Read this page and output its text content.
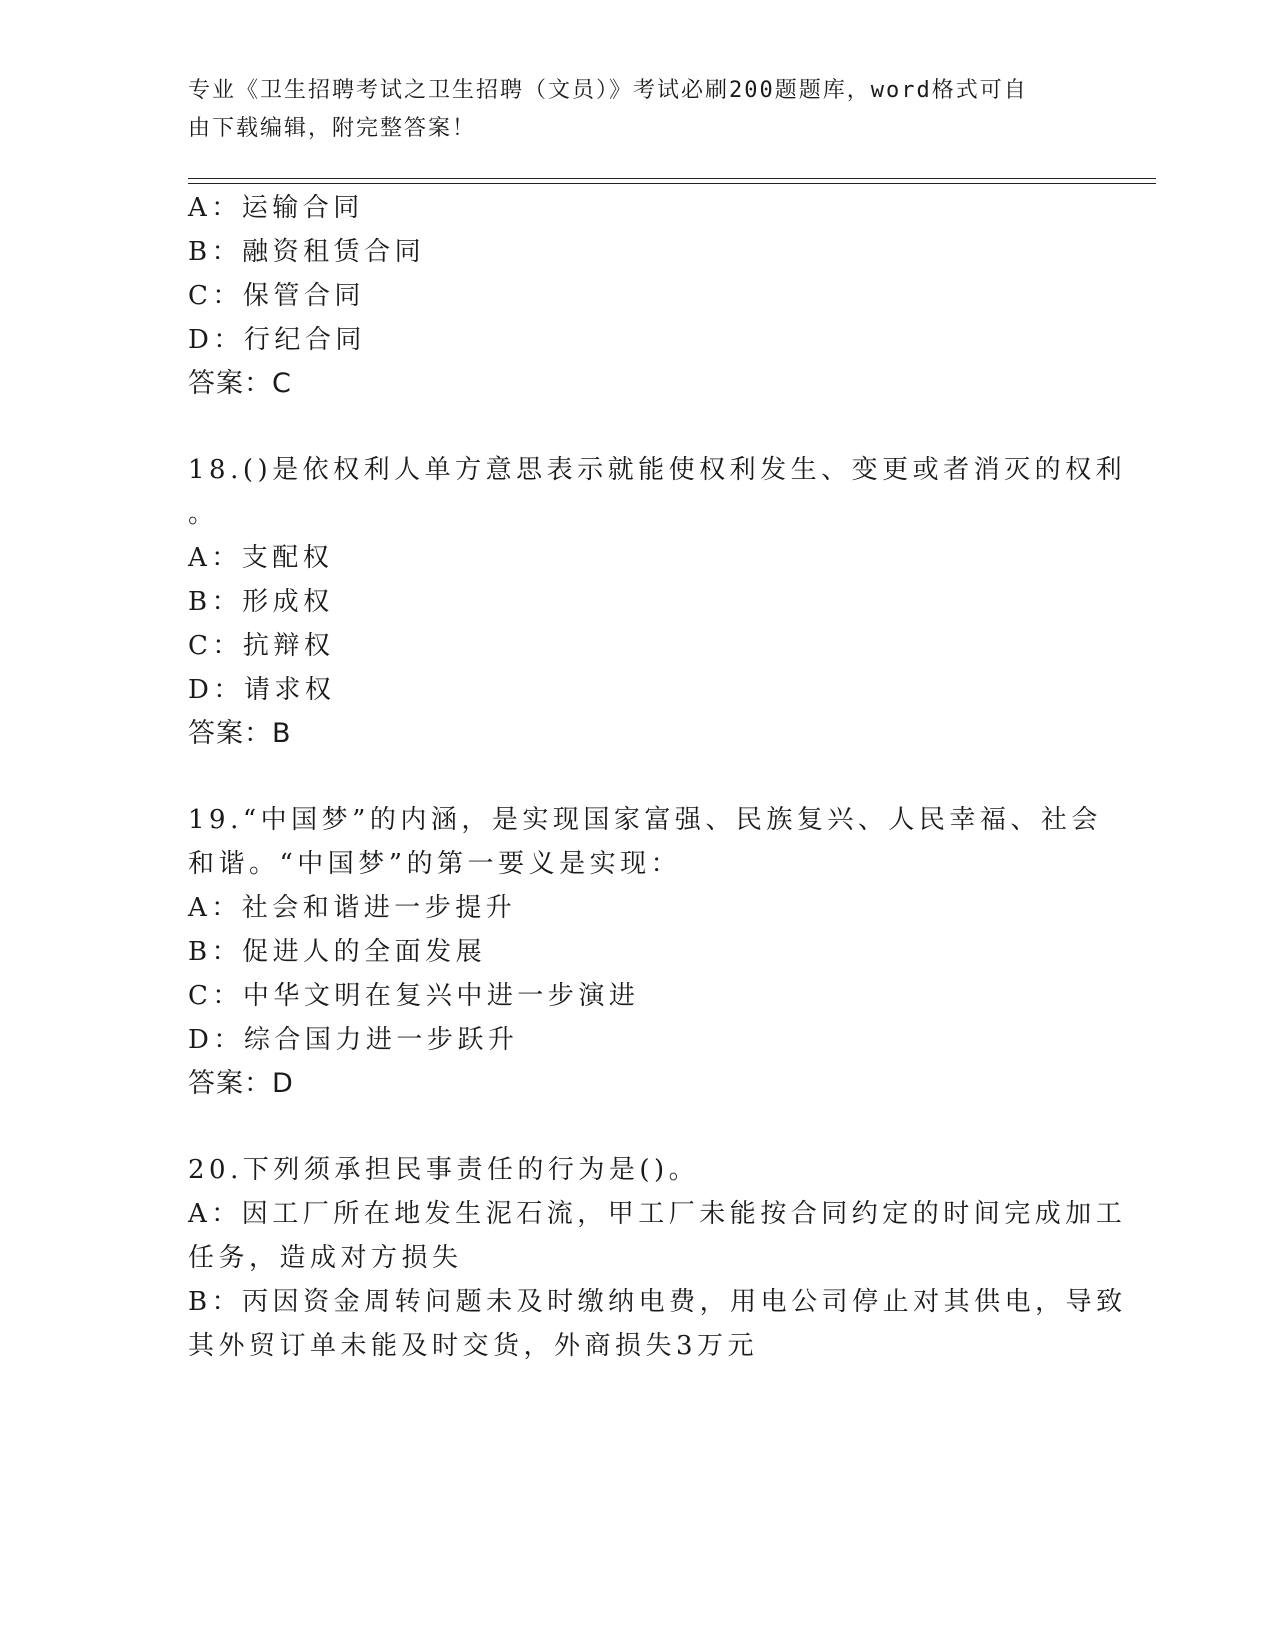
专业《卫生招聘考试之卫生招聘（文员）》考试必刷200题题库，word格式可自
由下载编辑，附完整答案！
A：运输合同
B：融资租赁合同
C：保管合同
D：行纪合同
答案：C
18.()是依权利人单方意思表示就能使权利发生、变更或者消灭的权利
。
A：支配权
B：形成权
C：抗辩权
D：请求权
答案：B
19.“中国梦”的内涵，是实现国家富强、民族复兴、人民幸福、社会
和谐。“中国梦”的第一要义是实现：
A：社会和谐进一步提升
B：促进人的全面发展
C：中华文明在复兴中进一步演进
D：综合国力进一步跃升
答案：D
20.下列须承担民事责任的行为是()。
A：因工厂所在地发生泥石流，甲工厂未能按合同约定的时间完成加工
任务，造成对方损失
B：丙因资金周转问题未及时缴纳电费，用电公司停止对其供电，导致
其外贸订单未能及时交货，外商损失3万元
